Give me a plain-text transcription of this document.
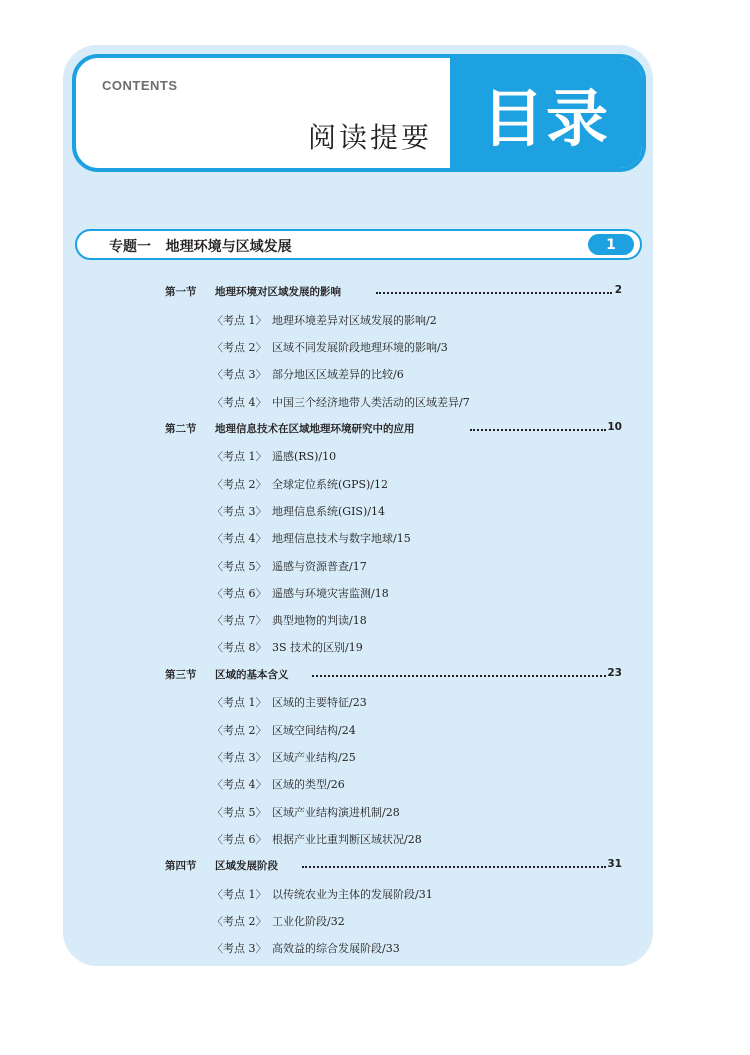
CONTENTS
阅读提要 目录
专题一   地理环境与区域发展	1
第一节 地理环境对区域发展的影响	2
〈考点 1〉 地理环境差异对区域发展的影响/2
〈考点 2〉 区域不同发展阶段地理环境的影响/3
〈考点 3〉 部分地区区域差异的比较/6
〈考点 4〉 中国三个经济地带人类活动的区域差异/7
第二节 地理信息技术在区域地理环境研究中的应用	10
〈考点 1〉 遥感(RS)/10
〈考点 2〉 全球定位系统(GPS)/12
〈考点 3〉 地理信息系统(GIS)/14
〈考点 4〉 地理信息技术与数字地球/15
〈考点 5〉 遥感与资源普查/17
〈考点 6〉 遥感与环境灾害监测/18
〈考点 7〉 典型地物的判读/18
〈考点 8〉 3S 技术的区别/19
第三节 区域的基本含义	23
〈考点 1〉 区域的主要特征/23
〈考点 2〉 区域空间结构/24
〈考点 3〉 区域产业结构/25
〈考点 4〉 区域的类型/26
〈考点 5〉 区域产业结构演进机制/28
〈考点 6〉 根据产业比重判断区域状况/28
第四节 区域发展阶段	31
〈考点 1〉 以传统农业为主体的发展阶段/31
〈考点 2〉 工业化阶段/32
〈考点 3〉 高效益的综合发展阶段/33
